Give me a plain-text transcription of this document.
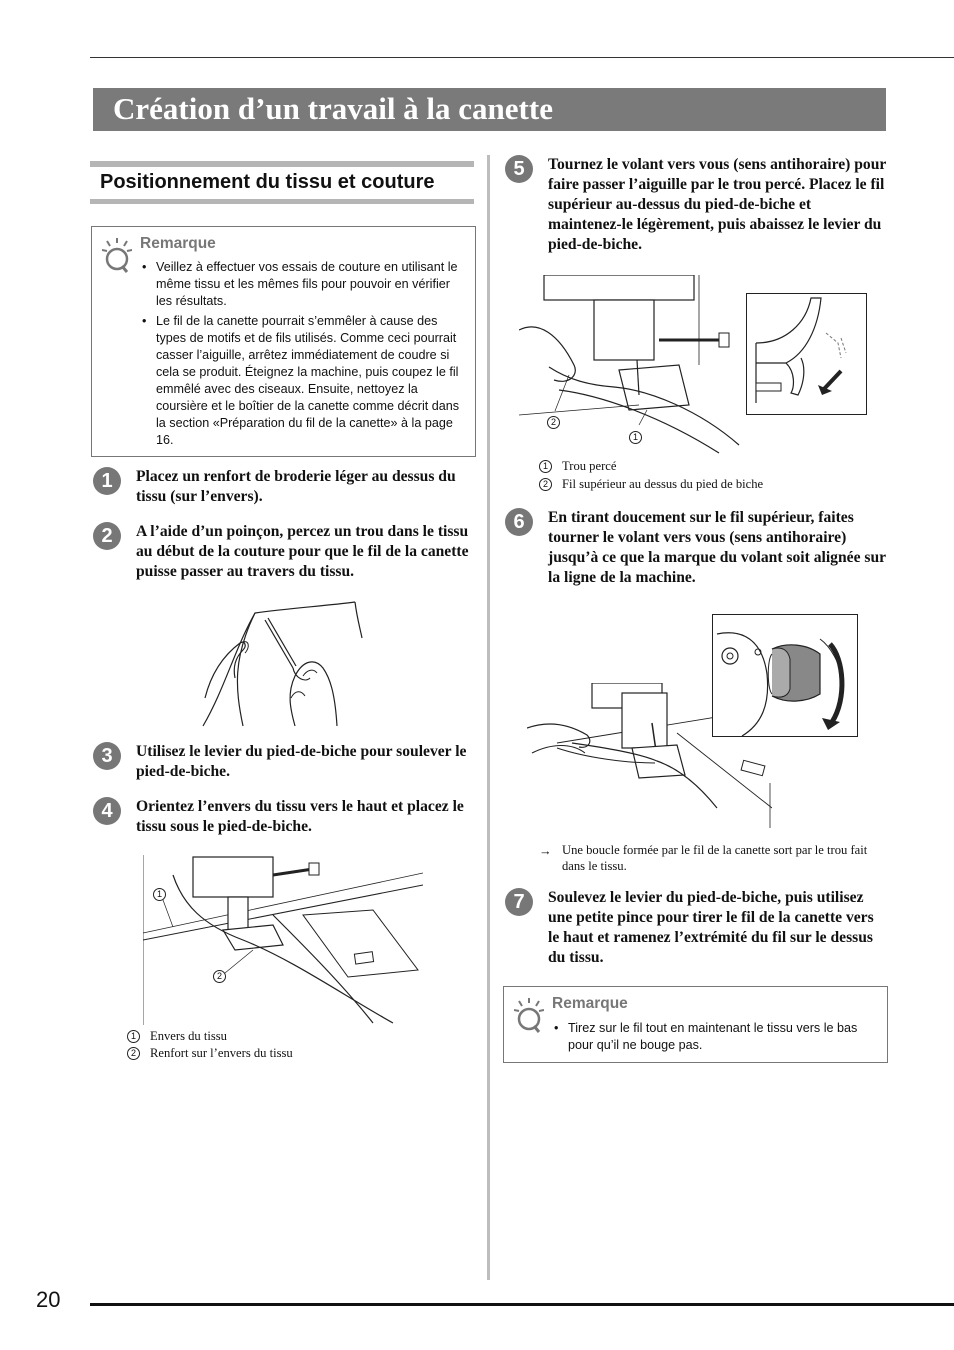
Création d’un travail à la canette
Positionnement du tissu et couture
Remarque
• Veillez à effectuer vos essais de couture en utilisant le même tissu et les mêmes fils pour pouvoir en vérifier les résultats.
• Le fil de la canette pourrait s’emmêler à cause des types de motifs et de fils utilisés. Comme ceci pourrait casser l’aiguille, arrêtez immédiatement de coudre si cela se produit. Éteignez la machine, puis coupez le fil emmêlé avec des ciseaux. Ensuite, nettoyez la coursière et le boîtier de la canette comme décrit dans la section «Préparation du fil de la canette» à la page 16.
1	Placez un renfort de broderie léger au dessus du tissu (sur l’envers).
2	A l’aide d’un poinçon, percez un trou dans le tissu au début de la couture pour que le fil de la canette puisse passer au travers du tissu.
3	Utilisez le levier du pied-de-biche pour soulever le pied-de-biche.
4	Orientez l’envers du tissu vers le haut et placez le tissu sous le pied-de-biche.
1
2
1 Envers du tissu
2 Renfort sur l’envers du tissu
5	Tournez le volant vers vous (sens antihoraire) pour faire passer l’aiguille par le trou percé. Placez le fil supérieur au-dessus du pied-de-biche et maintenez-le légèrement, puis abaissez le levier du pied-de-biche.
2
1
1 Trou percé
2 Fil supérieur au dessus du pied de biche
6	En tirant doucement sur le fil supérieur, faites tourner le volant vers vous (sens antihoraire) jusqu’à ce que la marque du volant soit alignée sur la ligne de la machine.
→ Une boucle formée par le fil de la canette sort par le trou fait dans le tissu.
7	Soulevez le levier du pied-de-biche, puis utilisez une petite pince pour tirer le fil de la canette vers le haut et ramenez l’extrémité du fil sur le dessus du tissu.
Remarque
• Tirez sur le fil tout en maintenant le tissu vers le bas pour qu’il ne bouge pas.
20
